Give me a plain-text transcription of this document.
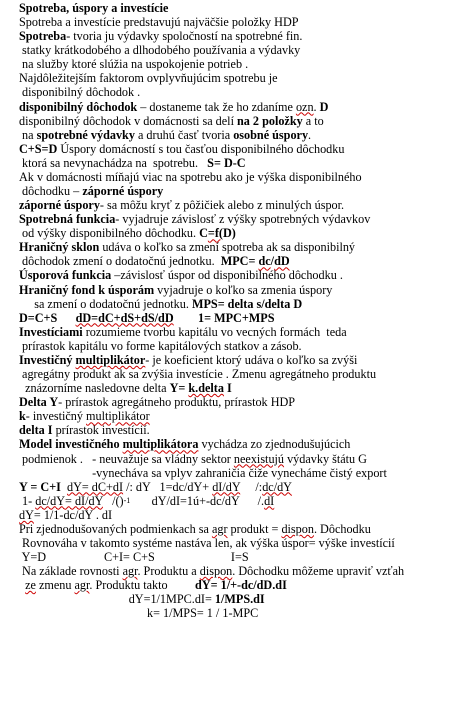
Spotreba, úspory a investície
Spotreba a investície predstavujú najväčšie položky HDP
Spotreba- tvoria ju výdavky spoločností na spotrebné fin.
statky krátkodobého a dlhodobého používania a výdavky
na služby ktoré slúžia na uspokojenie potrieb .
Najdôležitejším faktorom ovplyvňujúcim spotrebu je
disponibilný dôchodok .
disponibilný dôchodok – dostaneme tak že ho zdaníme ozn. D
disponibilný dôchodok v domácnosti sa delí na 2 položky a to
na spotrebné výdavky a druhú časť tvoria osobné úspory.
C+S=D Úspory domácností s tou časťou disponibilného dôchodku
ktorá sa nevynachádza na  spotrebu.   S= D-C
Ak v domácnosti míňajú viac na spotrebu ako je výška disponibilného
dôchodku – záporné úspory
záporné úspory- sa môžu kryť z pôžičiek alebo z minulých úspor.
Spotrebná funkcia- vyjadruje závislosť z výšky spotrebných výdavkov
od výšky disponibilného dôchodku. C=f(D)
Hraničný sklon udáva o koľko sa zmení spotreba ak sa disponibilný
dôchodok zmení o dodatočnú jednotku.  MPC= dc/dD
Úsporová funkcia –závislosť úspor od disponibilného dôchodku .
Hraničný fond k úsporám vyjadruje o koľko sa zmenia úspory
sa zmení o dodatočnú jednotku. MPS= delta s/delta D
D=C+S      dD=dC+dS+dS/dD        1= MPC+MPS
Investíciami rozumieme tvorbu kapitálu vo vecných formách  teda
prírastok kapitálu vo forme kapitálových statkov a zásob.
Investičný multiplikátor- je koeficient ktorý udáva o koľko sa zvýši
agregátny produkt ak sa zvýšia investície . Zmenu agregátneho produktu
znázorníme nasledovne delta Y= k.delta I
Delta Y- prírastok agregátneho produktu, prírastok HDP
k- investičný multiplikátor
delta I prírastok investícií.
Model investičného multiplikátora vychádza zo zjednodušujúcich
podmienok .   - neuvažuje sa vládny sektor neexistujú výdavky štátu G
-vynecháva sa vplyv zahraničia čiže vynecháme čistý export
Y = C+I  dY= dC+dI /: dY   1=dc/dY+ dI/dY     /:dc/dY
1- dc/dY= dI/dY   /()$^{-1}$       dY/dI=1ú+-dc/dY      /.dI
dY= 1/1-dc/dY . dI
Pri zjednodušovaných podmienkach sa agr produkt = dispon. Dôchodku
Rovnováha v takomto systéme nastáva len, ak výška úspor= výške investícií
Y=D                   C+I= C+S                         I=S
Na základe rovnosti agr. Produktu a dispon. Dôchodku môžeme upraviť vzťah
ze zmenu agr. Produktu takto         dY= 1/+-dc/dD.dI
dY=1/1MPC.dI= 1/MPS.dI
k= 1/MPS= 1 / 1-MPC
